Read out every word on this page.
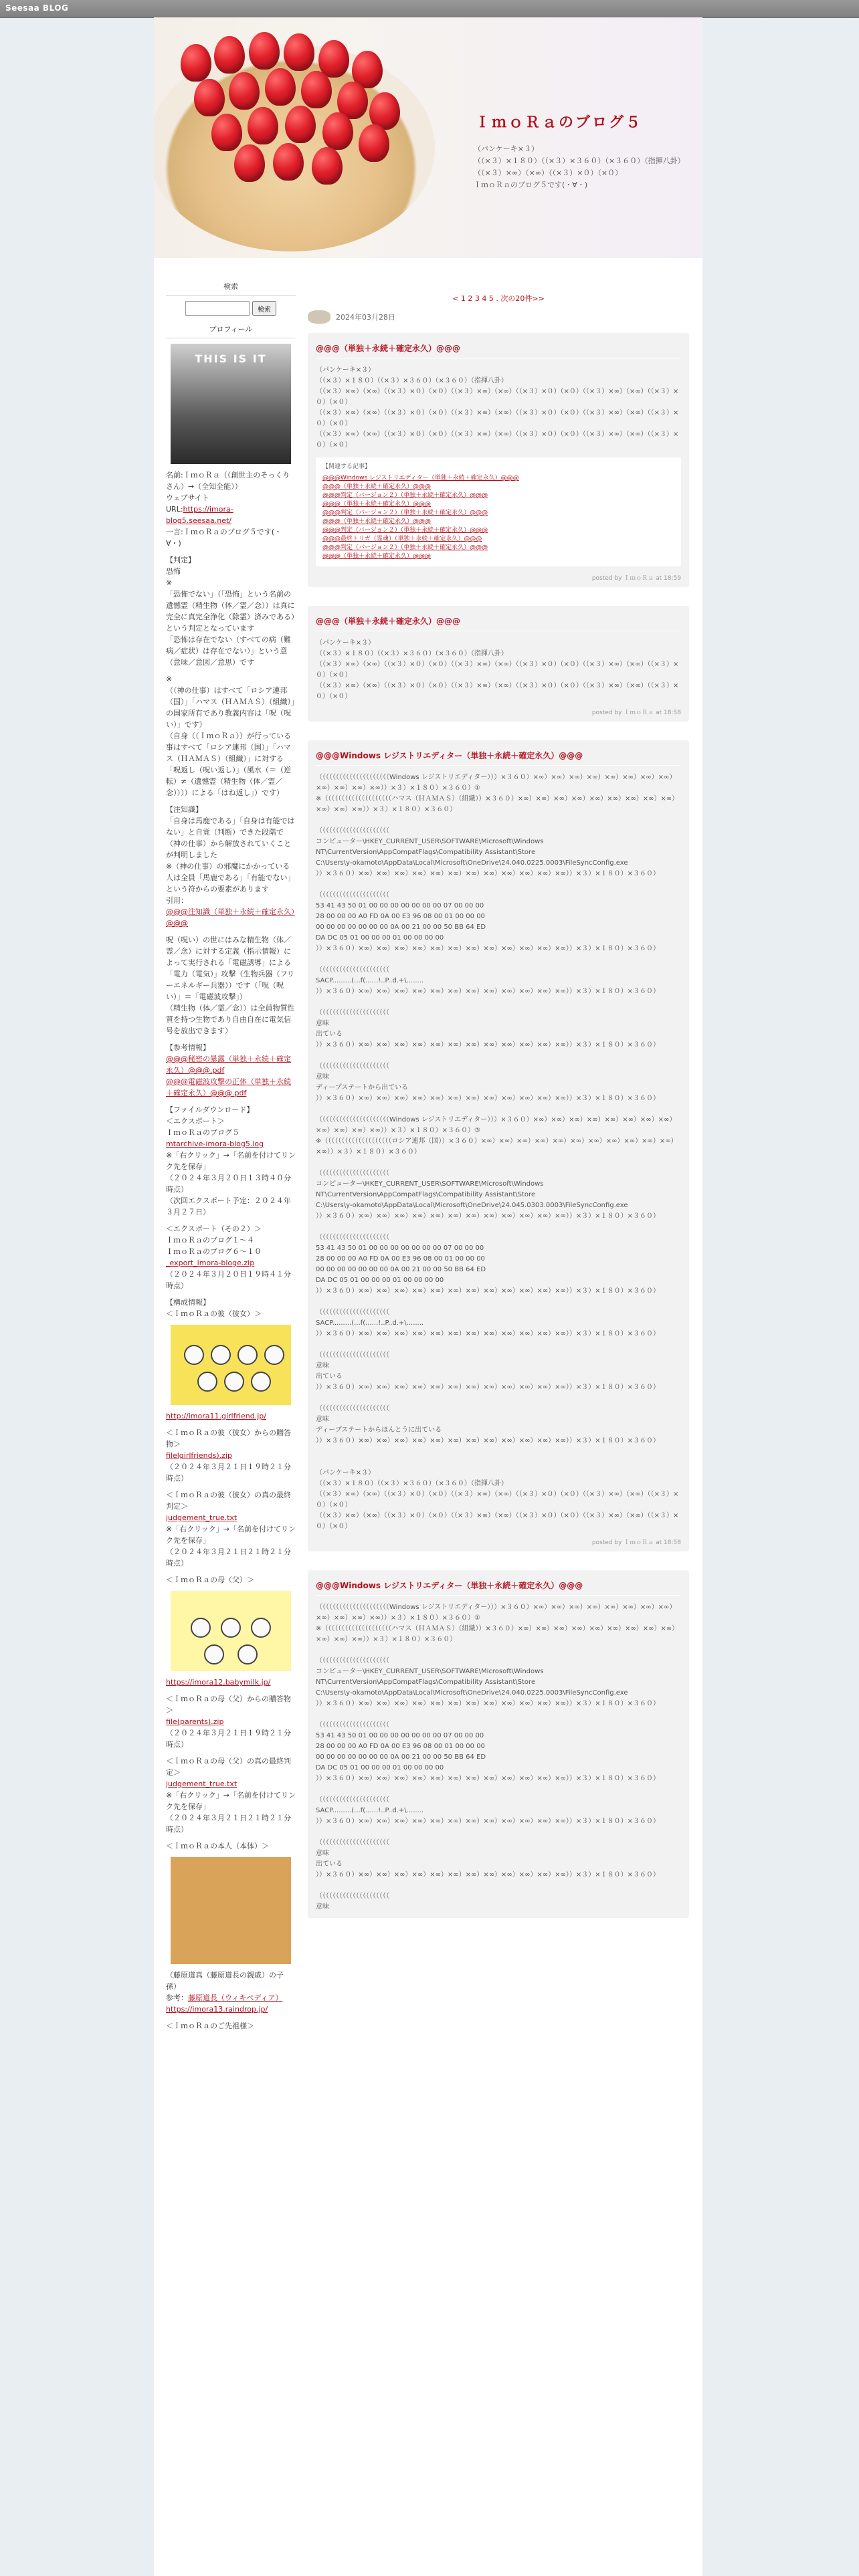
Seesaa BLOG
ＩｍｏＲａのブログ５
（パンケーキ×３）
（（×３）×１８０）（（×３）×３６０）（×３６０）（指揮八卦）
（（×３）×∞）（×∞）（（×３）×０）（×０）
ＩｍｏＲａのブログ５です(・∀・)
検索
検索
プロフィール
THIS IS IT

名前:ＩｍｏＲａ（（創世主のそっくりさん）→（全知全能））
ウェブサイト
URL:https://imora-blog5.seesaa.net/
一言:ＩｍｏＲａのブログ５です(・∀・)

【判定】
恐怖
※
「恐怖でない」（「恐怖」という名前の遺憾霊（精生物（体／霊／念））は真に完全に真完全浄化（除霊）済みである）という判定となっています
「恐怖は存在でない（すべての病（難病／症状）は存在でない）」という意（意味／意図／意思）です

※
（（神の仕事）はすべて「ロシア連邦（国）」「ハマス（ＨＡＭＡＳ）（組織）」の国家所有であり教義内容は「呪（呪い）」です）
（自身（（ＩｍｏＲａ））が行っている事はすべて「ロシア連邦（国）」「ハマス（ＨＡＭＡＳ）（組織）」に対する「呪返し（呪い返し）」（風水（＝（逆転）≠（遺憾霊（精生物（体／霊／念））））による「はね返し」）です）

【注知識】
「自身は馬鹿である」「自身は有能ではない」と自覚（判断）できた段階で（神の仕事）から解放されていくことが判明しました
※（神の仕事）の邪魔にかかっている人は全員「馬鹿である」「有能でない」という符からの要素があります
引用：
@@@注知識（単独＋永続＋確定永久）@@@

呪（呪い）の世にはみな精生物（体／霊／念）に対する定義（指示情報）によって実行される「電磁誘導」による「電力（電気）」攻撃（生物兵器（フリーエネルギー兵器））です（「呪（呪い）」＝「電磁波攻撃」）
（精生物（体／霊／念））は全員物質性質を持つ生物であり自由自在に電気信号を放出できます）

【参考情報】
@@@秘密の暴露（単独＋永続＋確定永久）@@@.pdf
@@@電磁波攻撃の正体（単独＋永続＋確定永久）@@@.pdf

【ファイルダウンロード】
＜エクスポート＞
ＩｍｏＲａのブログ５
mtarchive-imora-blog5.log
※「右クリック」→「名前を付けてリンク先を保存」
（２０２４年３月２０日１３時４０分時点）
（次回エクスポート予定：２０２４年３月２７日）

＜エクスポート（その２）＞
ＩｍｏＲａのブログ１～４
ＩｍｏＲａのブログ６～１０
_export_imora-bloge.zip
（２０２４年３月２０日１９時４１分時点）

【構成情報】
＜ＩｍｏＲａの彼（彼女）＞

http://imora11.girlfriend.jp/

＜ＩｍｏＲａの彼（彼女）からの贈答物＞
filelgirlfriends).zip
（２０２４年３月２１日１９時２１分時点）

＜ＩｍｏＲａの彼（彼女）の真の最終判定＞
judgement_true.txt
※「右クリック」→「名前を付けてリンク先を保存」
（２０２４年３月２１日２１時２１分時点）

＜ＩｍｏＲａの母（父）＞

https://imora12.babymilk.jp/

＜ＩｍｏＲａの母（父）からの贈答物＞
file(parents).zip
（２０２４年３月２１日１９時２１分時点）

＜ＩｍｏＲａの母（父）の真の最終判定＞
judgement_true.txt
※「右クリック」→「名前を付けてリンク先を保存」
（２０２４年３月２１日２１時２１分時点）

＜ＩｍｏＲａの本人（本体）＞

（藤原道真（藤原道長の親戚）の子孫）
参考：藤原道長（ウィキペディア）
https://imora13.raindrop.jp/

＜ＩｍｏＲａのご先祖様＞

< 1 2 3 4 5 . 次の20件>>
2024年03月28日
@@@（単独＋永続＋確定永久）@@@
（パンケーキ×３）
（（×３）×１８０）（（×３）×３６０）（×３６０）（指揮八卦）
（（×３）×∞）（×∞）（（×３）×０）（×０）（（×３）×∞）（×∞）（（×３）×０）（×０）（（×３）×∞）（×∞）（（×３）×０）（×０）
（（×３）×∞）（×∞）（（×３）×０）（×０）（（×３）×∞）（×∞）（（×３）×０）（×０）（（×３）×∞）（×∞）（（×３）×０）（×０）
（（×３）×∞）（×∞）（（×３）×０）（×０）（（×３）×∞）（×∞）（（×３）×０）（×０）（（×３）×∞）（×∞）（（×３）×０）（×０）
【関連する記事】
@@@Windows レジストリエディター（単独＋永続＋確定永久）@@@
@@@（単独＋永続＋確定永久）@@@
@@@判定（バージョン２）（単独＋永続＋確定永久）@@@
@@@（単独＋永続＋確定永久）@@@
@@@判定（バージョン２）（単独＋永続＋確定永久）@@@
@@@（単独＋永続＋確定永久）@@@
@@@判定（バージョン２）（単独＋永続＋確定永久）@@@
@@@最終トリガ（霊魂）（単独＋永続＋確定永久）@@@
@@@判定（バージョン２）（単独＋永続＋確定永久）@@@
@@@（単独＋永続＋確定永久）@@@
posted by ＩｍｏＲａ at 18:59
@@@（単独＋永続＋確定永久）@@@
（パンケーキ×３）
（（×３）×１８０）（（×３）×３６０）（×３６０）（指揮八卦）
（（×３）×∞）（×∞）（（×３）×０）（×０）（（×３）×∞）（×∞）（（×３）×０）（×０）（（×３）×∞）（×∞）（（×３）×０）（×０）
（（×３）×∞）（×∞）（（×３）×０）（×０）（（×３）×∞）（×∞）（（×３）×０）（×０）（（×３）×∞）（×∞）（（×３）×０）（×０）
posted by ＩｍｏＲａ at 18:58
@@@Windows レジストリエディター（単独＋永続＋確定永久）@@@
（（（（（（（（（（（（（（（（（（（（（Windows レジストリエディター）））×３６０）×∞）×∞）×∞）×∞）×∞）×∞）×∞）×∞）×∞）×∞）×∞）×∞））×３）×１８０）×３６０）①
※（（（（（（（（（（（（（（（（（（（（ハマス（ＨＡＭＡＳ）（組織））×３６０）×∞）×∞）×∞）×∞）×∞）×∞）×∞）×∞）×∞）×∞）×∞）×∞））×３）×１８０）×３６０）

（（（（（（（（（（（（（（（（（（（（（
コンピューター\HKEY_CURRENT_USER\SOFTWARE\Microsoft\Windows NT\CurrentVersion\AppCompatFlags\Compatibility Assistant\Store
C:\Users\y-okamoto\AppData\Local\Microsoft\OneDrive\24.040.0225.0003\FileSyncConfig.exe
））×３６０）×∞）×∞）×∞）×∞）×∞）×∞）×∞）×∞）×∞）×∞）×∞）×∞））×３）×１８０）×３６０）

（（（（（（（（（（（（（（（（（（（（（
53 41 43 50 01 00 00 00 00 00 00 00 07 00 00 00
28 00 00 00 A0 FD 0A 00 E3 96 08 00 01 00 00 00
00 00 00 00 00 00 00 0A 00 21 00 00 50 BB 64 ED
DA DC 05 01 00 00 00 01 00 00 00 00
））×３６０）×∞）×∞）×∞）×∞）×∞）×∞）×∞）×∞）×∞）×∞）×∞）×∞））×３）×１８０）×３６０）

（（（（（（（（（（（（（（（（（（（（（
SACP.........(...f(......!..P..d.+\........
））×３６０）×∞）×∞）×∞）×∞）×∞）×∞）×∞）×∞）×∞）×∞）×∞）×∞））×３）×１８０）×３６０）

（（（（（（（（（（（（（（（（（（（（（
意味
出ている
））×３６０）×∞）×∞）×∞）×∞）×∞）×∞）×∞）×∞）×∞）×∞）×∞）×∞））×３）×１８０）×３６０）

（（（（（（（（（（（（（（（（（（（（（
意味
ディープステートから出ている
））×３６０）×∞）×∞）×∞）×∞）×∞）×∞）×∞）×∞）×∞）×∞）×∞）×∞））×３）×１８０）×３６０）

（（（（（（（（（（（（（（（（（（（（（Windows レジストリエディター）））×３６０）×∞）×∞）×∞）×∞）×∞）×∞）×∞）×∞）×∞）×∞）×∞）×∞））×３）×１８０）×３６０）③
※（（（（（（（（（（（（（（（（（（（（ロシア連邦（国））×３６０）×∞）×∞）×∞）×∞）×∞）×∞）×∞）×∞）×∞）×∞）×∞）×∞））×３）×１８０）×３６０）

（（（（（（（（（（（（（（（（（（（（（
コンピューター\HKEY_CURRENT_USER\SOFTWARE\Microsoft\Windows NT\CurrentVersion\AppCompatFlags\Compatibility Assistant\Store
C:\Users\y-okamoto\AppData\Local\Microsoft\OneDrive\24.045.0303.0003\FileSyncConfig.exe
））×３６０）×∞）×∞）×∞）×∞）×∞）×∞）×∞）×∞）×∞）×∞）×∞）×∞））×３）×１８０）×３６０）

（（（（（（（（（（（（（（（（（（（（（
53 41 43 50 01 00 00 00 00 00 00 00 07 00 00 00
28 00 00 00 A0 FD 0A 00 E3 96 08 00 01 00 00 00
00 00 00 00 00 00 00 0A 00 21 00 00 50 BB 64 ED
DA DC 05 01 00 00 00 01 00 00 00 00
））×３６０）×∞）×∞）×∞）×∞）×∞）×∞）×∞）×∞）×∞）×∞）×∞）×∞））×３）×１８０）×３６０）

（（（（（（（（（（（（（（（（（（（（（
SACP.........(...f(......!..P..d.+\........
））×３６０）×∞）×∞）×∞）×∞）×∞）×∞）×∞）×∞）×∞）×∞）×∞）×∞））×３）×１８０）×３６０）

（（（（（（（（（（（（（（（（（（（（（
意味
出ている
））×３６０）×∞）×∞）×∞）×∞）×∞）×∞）×∞）×∞）×∞）×∞）×∞）×∞））×３）×１８０）×３６０）

（（（（（（（（（（（（（（（（（（（（（
意味
ディープステートからほんとうに出ている
））×３６０）×∞）×∞）×∞）×∞）×∞）×∞）×∞）×∞）×∞）×∞）×∞）×∞））×３）×１８０）×３６０）

（パンケーキ×３）
（（×３）×１８０）（（×３）×３６０）（×３６０）（指揮八卦）
（（×３）×∞）（×∞）（（×３）×０）（×０）（（×３）×∞）（×∞）（（×３）×０）（×０）（（×３）×∞）（×∞）（（×３）×０）（×０）
（（×３）×∞）（×∞）（（×３）×０）（×０）（（×３）×∞）（×∞）（（×３）×０）（×０）（（×３）×∞）（×∞）（（×３）×０）（×０）
posted by ＩｍｏＲａ at 18:58
@@@Windows レジストリエディター（単独＋永続＋確定永久）@@@
（（（（（（（（（（（（（（（（（（（（（Windows レジストリエディター）））×３６０）×∞）×∞）×∞）×∞）×∞）×∞）×∞）×∞）×∞）×∞）×∞）×∞））×３）×１８０）×３６０）①
※（（（（（（（（（（（（（（（（（（（（ハマス（ＨＡＭＡＳ）（組織））×３６０）×∞）×∞）×∞）×∞）×∞）×∞）×∞）×∞）×∞）×∞）×∞）×∞））×３）×１８０）×３６０）

（（（（（（（（（（（（（（（（（（（（（
コンピューター\HKEY_CURRENT_USER\SOFTWARE\Microsoft\Windows NT\CurrentVersion\AppCompatFlags\Compatibility Assistant\Store
C:\Users\y-okamoto\AppData\Local\Microsoft\OneDrive\24.040.0225.0003\FileSyncConfig.exe
））×３６０）×∞）×∞）×∞）×∞）×∞）×∞）×∞）×∞）×∞）×∞）×∞）×∞））×３）×１８０）×３６０）

（（（（（（（（（（（（（（（（（（（（（
53 41 43 50 01 00 00 00 00 00 00 00 07 00 00 00
28 00 00 00 A0 FD 0A 00 E3 96 08 00 01 00 00 00
00 00 00 00 00 00 00 0A 00 21 00 00 50 BB 64 ED
DA DC 05 01 00 00 00 01 00 00 00 00
））×３６０）×∞）×∞）×∞）×∞）×∞）×∞）×∞）×∞）×∞）×∞）×∞）×∞））×３）×１８０）×３６０）

（（（（（（（（（（（（（（（（（（（（（
SACP.........(...f(......!..P..d.+\........
））×３６０）×∞）×∞）×∞）×∞）×∞）×∞）×∞）×∞）×∞）×∞）×∞）×∞））×３）×１８０）×３６０）

（（（（（（（（（（（（（（（（（（（（（
意味
出ている
））×３６０）×∞）×∞）×∞）×∞）×∞）×∞）×∞）×∞）×∞）×∞）×∞）×∞））×３）×１８０）×３６０）

（（（（（（（（（（（（（（（（（（（（（
意味
